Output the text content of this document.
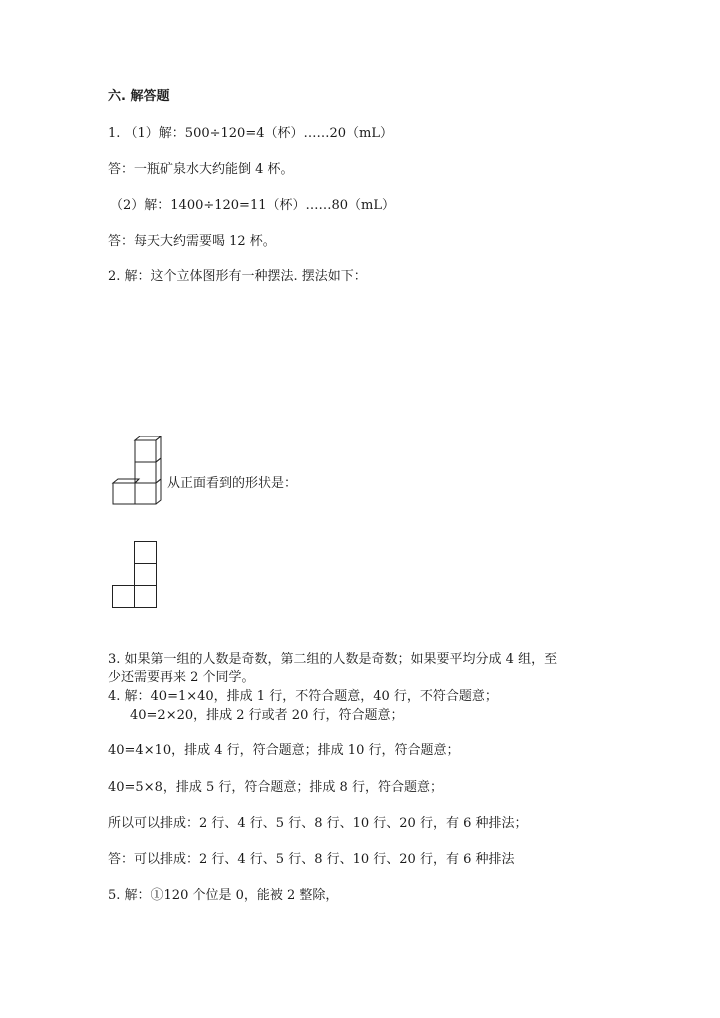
六. 解答题
1. （1）解：500÷120=4（杯）……20（mL）
答：一瓶矿泉水大约能倒 4 杯。
（2）解：1400÷120=11（杯）……80（mL）
答：每天大约需要喝 12 杯。
2. 解：这个立体图形有一种摆法. 摆法如下：
从正面看到的形状是：
3. 如果第一组的人数是奇数，第二组的人数是奇数；如果要平均分成 4 组，至
少还需要再来 2 个同学。
4. 解：40=1×40，排成 1 行，不符合题意，40 行，不符合题意；
40=2×20，排成 2 行或者 20 行，符合题意；
40=4×10，排成 4 行，符合题意；排成 10 行，符合题意；
40=5×8，排成 5 行，符合题意；排成 8 行，符合题意；
所以可以排成：2 行、4 行、5 行、8 行、10 行、20 行，有 6 种排法；
答：可以排成：2 行、4 行、5 行、8 行、10 行、20 行，有 6 种排法
5. 解：①120 个位是 0，能被 2 整除，
